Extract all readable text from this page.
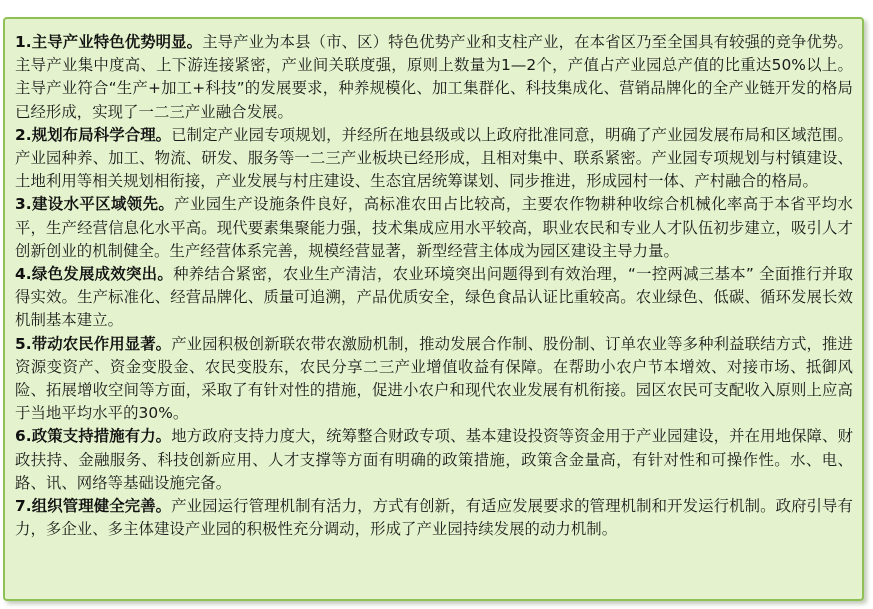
1.主导产业特色优势明显。主导产业为本县（市、区）特色优势产业和支柱产业，在本省区乃至全国具有较强的竞争优势。主导产业集中度高、上下游连接紧密，产业间关联度强，原则上数量为1—2个，产值占产业园总产值的比重达50%以上。主导产业符合“生产+加工+科技”的发展要求，种养规模化、加工集群化、科技集成化、营销品牌化的全产业链开发的格局已经形成，实现了一二三产业融合发展。

2.规划布局科学合理。已制定产业园专项规划，并经所在地县级或以上政府批准同意，明确了产业园发展布局和区域范围。产业园种养、加工、物流、研发、服务等一二三产业板块已经形成，且相对集中、联系紧密。产业园专项规划与村镇建设、土地利用等相关规划相衔接，产业发展与村庄建设、生态宜居统筹谋划、同步推进，形成园村一体、产村融合的格局。

3.建设水平区域领先。产业园生产设施条件良好，高标准农田占比较高，主要农作物耕种收综合机械化率高于本省平均水平，生产经营信息化水平高。现代要素集聚能力强，技术集成应用水平较高，职业农民和专业人才队伍初步建立，吸引人才创新创业的机制健全。生产经营体系完善，规模经营显著，新型经营主体成为园区建设主导力量。

4.绿色发展成效突出。种养结合紧密，农业生产清洁，农业环境突出问题得到有效治理，“一控两减三基本” 全面推行并取得实效。生产标准化、经营品牌化、质量可追溯，产品优质安全，绿色食品认证比重较高。农业绿色、低碳、循环发展长效机制基本建立。

5.带动农民作用显著。产业园积极创新联农带农激励机制，推动发展合作制、股份制、订单农业等多种利益联结方式，推进资源变资产、资金变股金、农民变股东，农民分享二三产业增值收益有保障。在帮助小农户节本增效、对接市场、抵御风险、拓展增收空间等方面，采取了有针对性的措施，促进小农户和现代农业发展有机衔接。园区农民可支配收入原则上应高于当地平均水平的30%。

6.政策支持措施有力。地方政府支持力度大，统筹整合财政专项、基本建设投资等资金用于产业园建设，并在用地保障、财政扶持、金融服务、科技创新应用、人才支撑等方面有明确的政策措施，政策含金量高，有针对性和可操作性。水、电、路、讯、网络等基础设施完备。

7.组织管理健全完善。产业园运行管理机制有活力，方式有创新，有适应发展要求的管理机制和开发运行机制。政府引导有力，多企业、多主体建设产业园的积极性充分调动，形成了产业园持续发展的动力机制。
